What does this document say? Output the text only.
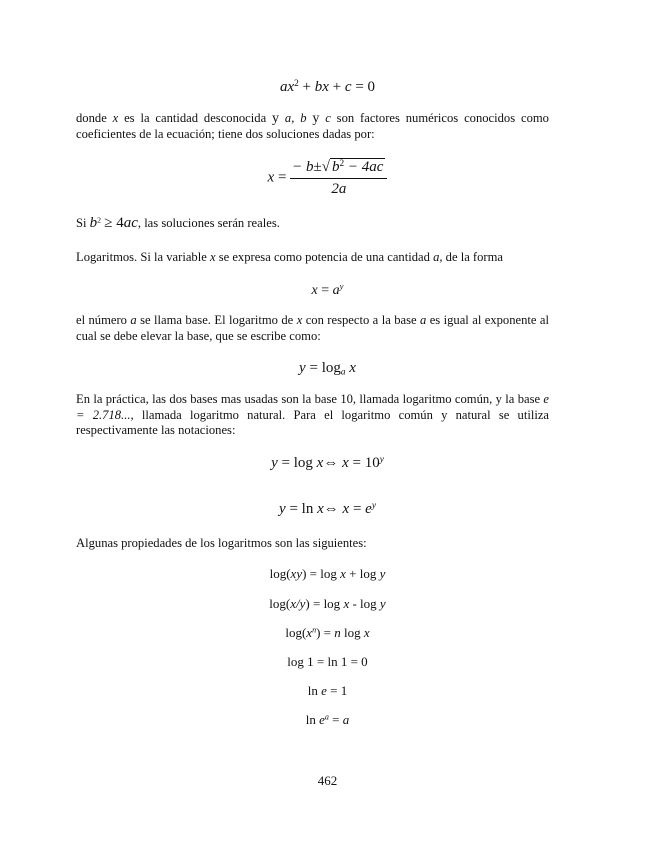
$ax^2$ + bx + c = 0
donde x es la cantidad desconocida y a, b y c son factores numéricos conocidos como coeficientes de la ecuación; tiene dos soluciones dadas por:
$x = \frac{- b\pm√ b^2 - 4ac}{2a}$
Si $b^2 \ge 4ac$, las soluciones serán reales.
Logaritmos. Si la variable x se expresa como potencia de una cantidad a, de la forma
$x = a^y$
el número a se llama base. El logaritmo de x con respecto a la base a es igual al exponente al cual se debe elevar la base, que se escribe como:
$y = \log_a x$
En la práctica, las dos bases mas usadas son la base 10, llamada logaritmo común, y la base e = 2.718..., llamada logaritmo natural. Para el logaritmo común y natural se utiliza respectivamente las notaciones:
y = log x⇔ $x = 10^y$
y = ln x⇔ $x = e^y$
Algunas propiedades de los logaritmos son las siguientes:
log(xy) = log x + log y
log(x/y) = log x - log y
$\log(x^n) = n$ log x
log 1 = ln 1 = 0
ln e = 1
$\ln e^a = a$
462
